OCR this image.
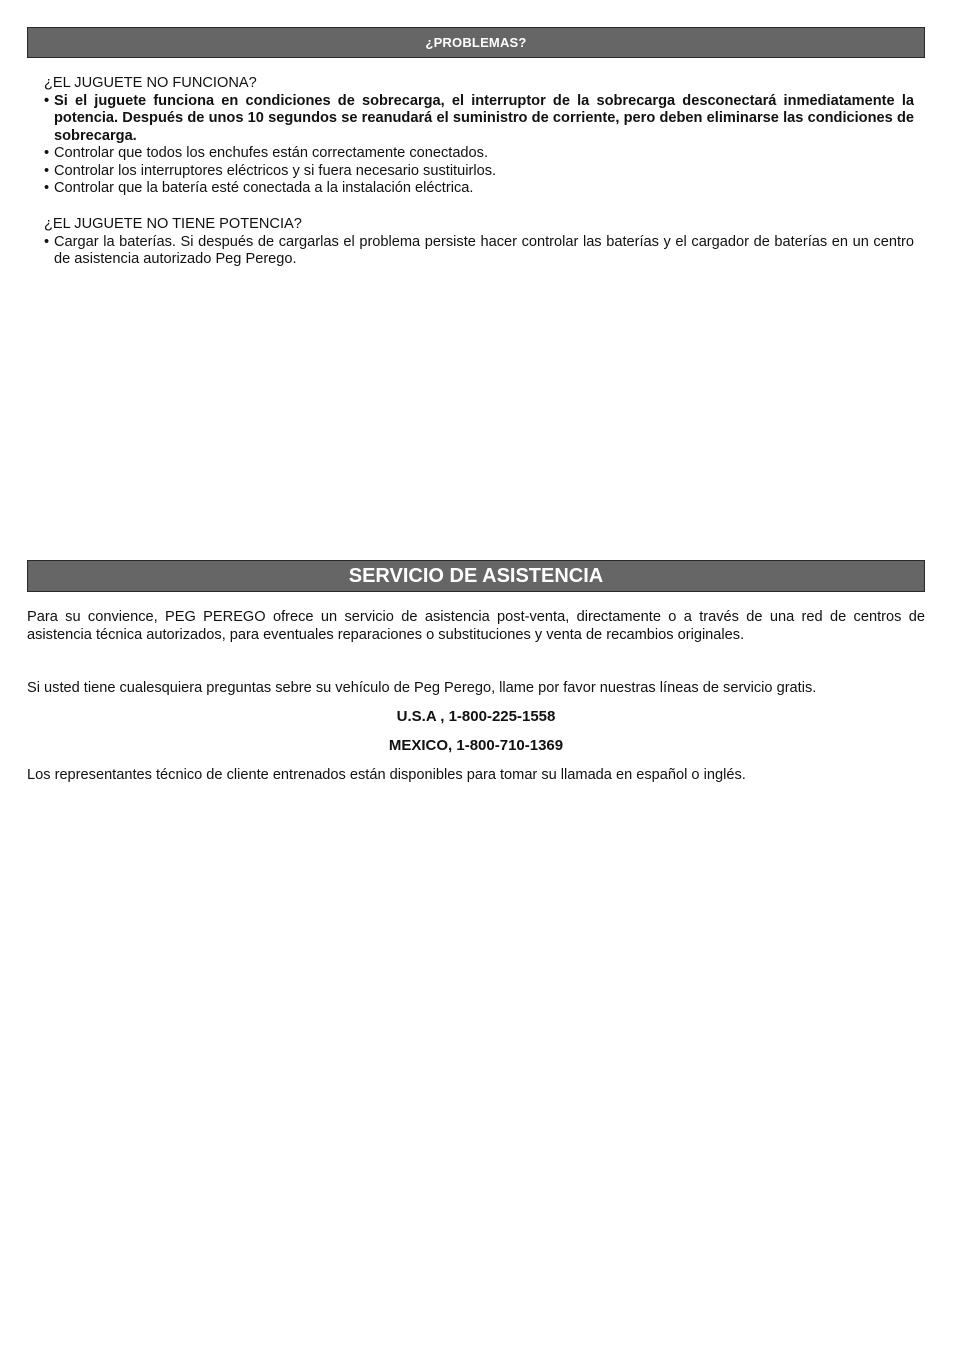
¿PROBLEMAS?

¿EL JUGUETE NO FUNCIONA?

• Si el juguete funciona en condiciones de sobrecarga, el interruptor de la sobrecarga desconectará inmediatamente la potencia. Después de unos 10 segundos se reanudará el suministro de corriente, pero deben eliminarse las condiciones de sobrecarga.
• Controlar que todos los enchufes están correctamente conectados.
• Controlar los interruptores eléctricos y si fuera necesario sustituirlos.
• Controlar que la batería esté conectada a la instalación eléctrica.

¿EL JUGUETE NO TIENE POTENCIA?

• Cargar la baterías. Si después de cargarlas el problema persiste hacer controlar las baterías y el cargador de baterías en un centro de asistencia autorizado Peg Perego.
SERVICIO DE ASISTENCIA

Para su convience, PEG PEREGO ofrece un servicio de asistencia post-venta, directamente o a través de una red de centros de asistencia técnica autorizados, para eventuales reparaciones o substituciones y venta de recambios originales.

Si usted tiene cualesquiera preguntas sebre su vehículo de Peg Perego, llame por favor nuestras líneas de servicio gratis.

U.S.A , 1-800-225-1558
MEXICO, 1-800-710-1369

Los representantes técnico de cliente entrenados están disponibles para tomar su llamada en español o inglés.
